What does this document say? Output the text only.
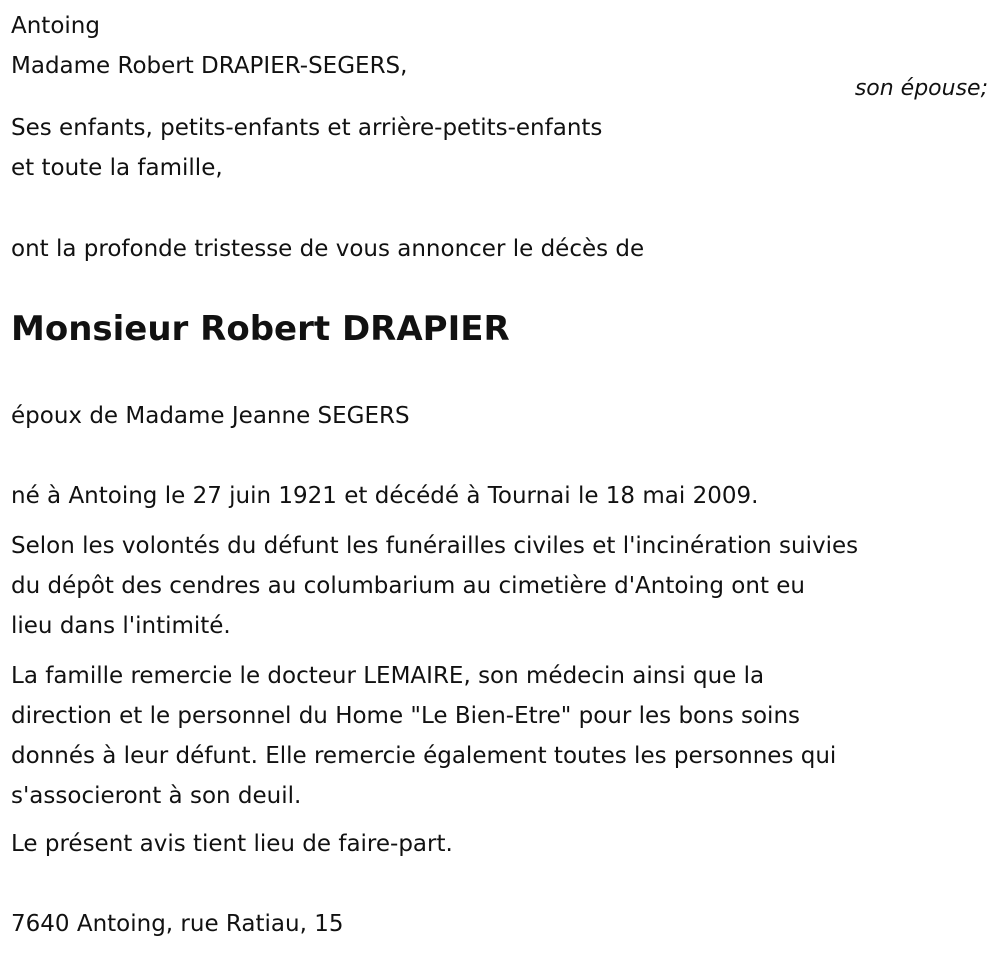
Antoing
Madame Robert DRAPIER-SEGERS,
son épouse;
Ses enfants, petits-enfants et arrière-petits-enfants
et toute la famille,
ont la profonde tristesse de vous annoncer le décès de
Monsieur Robert DRAPIER
époux de Madame Jeanne SEGERS
né à Antoing le 27 juin 1921 et décédé à Tournai le 18 mai 2009.
Selon les volontés du défunt les funérailles civiles et l'incinération suivies
du dépôt des cendres au columbarium au cimetière d'Antoing ont eu
lieu dans l'intimité.
La famille remercie le docteur LEMAIRE, son médecin ainsi que la
direction et le personnel du Home "Le Bien-Etre" pour les bons soins
donnés à leur défunt. Elle remercie également toutes les personnes qui
s'associeront à son deuil.
Le présent avis tient lieu de faire-part.
7640 Antoing, rue Ratiau, 15
